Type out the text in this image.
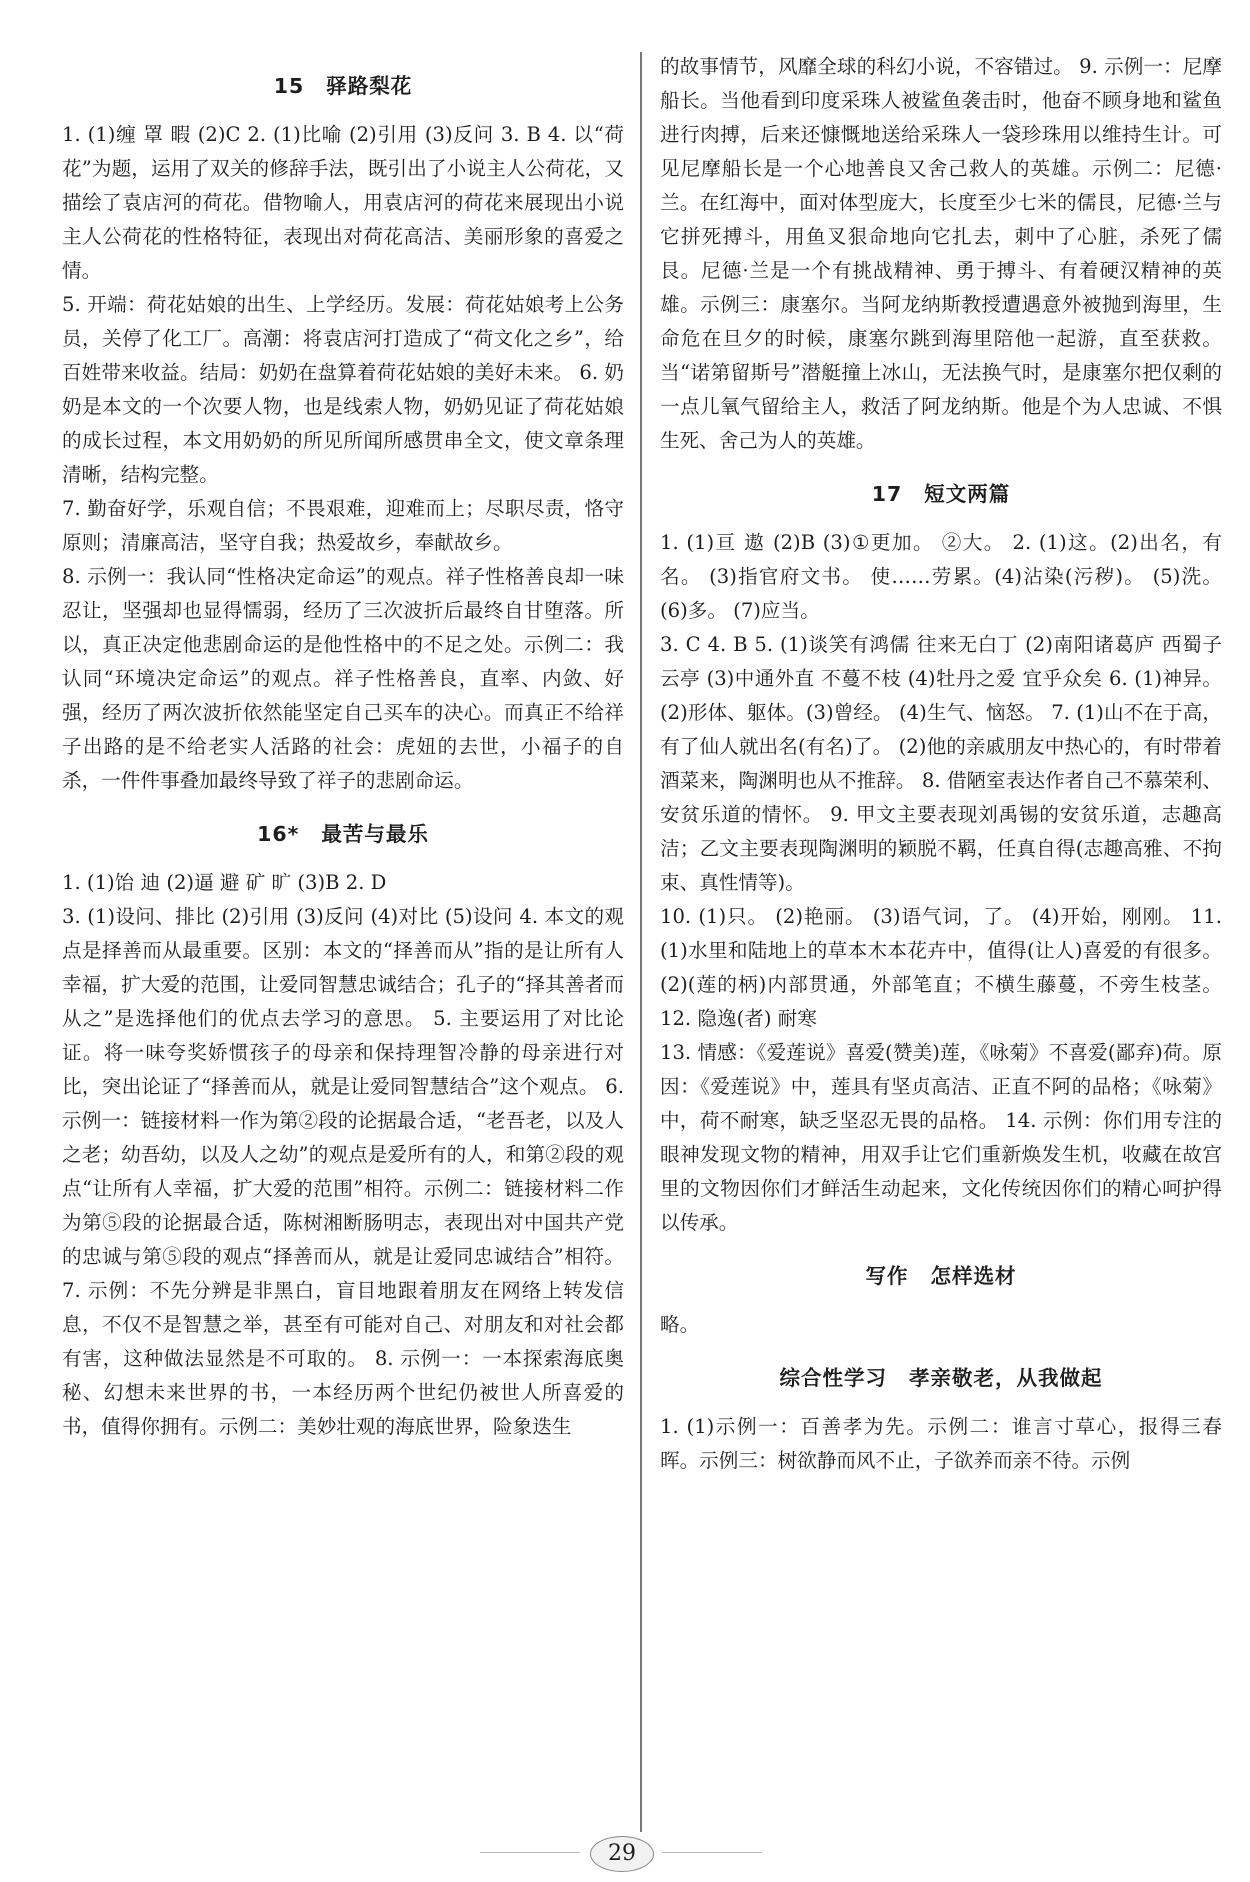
15 驿路梨花
1. (1)缠 罩 暇 (2)C 2. (1)比喻 (2)引用 (3)反问 3. B 4. 以“荷花”为题，运用了双关的修辞手法，既引出了小说主人公荷花，又描绘了袁店河的荷花。借物喻人，用袁店河的荷花来展现出小说主人公荷花的性格特征，表现出对荷花高洁、美丽形象的喜爱之情。
5. 开端：荷花姑娘的出生、上学经历。发展：荷花姑娘考上公务员，关停了化工厂。高潮：将袁店河打造成了“荷文化之乡”，给百姓带来收益。结局：奶奶在盘算着荷花姑娘的美好未来。 6. 奶奶是本文的一个次要人物，也是线索人物，奶奶见证了荷花姑娘的成长过程，本文用奶奶的所见所闻所感贯串全文，使文章条理清晰，结构完整。
7. 勤奋好学，乐观自信；不畏艰难，迎难而上；尽职尽责，恪守原则；清廉高洁，坚守自我；热爱故乡，奉献故乡。
8. 示例一：我认同“性格决定命运”的观点。祥子性格善良却一味忍让，坚强却也显得懦弱，经历了三次波折后最终自甘堕落。所以，真正决定他悲剧命运的是他性格中的不足之处。示例二：我认同“环境决定命运”的观点。祥子性格善良，直率、内敛、好强，经历了两次波折依然能坚定自己买车的决心。而真正不给祥子出路的是不给老实人活路的社会：虎妞的去世，小福子的自杀，一件件事叠加最终导致了祥子的悲剧命运。
16* 最苦与最乐
1. (1)饴 迪 (2)逼 避 矿 旷 (3)B 2. D
3. (1)设问、排比 (2)引用 (3)反问 (4)对比 (5)设问 4. 本文的观点是择善而从最重要。区别：本文的“择善而从”指的是让所有人幸福，扩大爱的范围，让爱同智慧忠诚结合；孔子的“择其善者而从之”是选择他们的优点去学习的意思。 5. 主要运用了对比论证。将一味夸奖娇惯孩子的母亲和保持理智冷静的母亲进行对比，突出论证了“择善而从，就是让爱同智慧结合”这个观点。 6. 示例一：链接材料一作为第②段的论据最合适，“老吾老，以及人之老；幼吾幼，以及人之幼”的观点是爱所有的人，和第②段的观点“让所有人幸福，扩大爱的范围”相符。示例二：链接材料二作为第⑤段的论据最合适，陈树湘断肠明志，表现出对中国共产党的忠诚与第⑤段的观点“择善而从，就是让爱同忠诚结合”相符。 7. 示例：不先分辨是非黑白，盲目地跟着朋友在网络上转发信息，不仅不是智慧之举，甚至有可能对自己、对朋友和对社会都有害，这种做法显然是不可取的。 8. 示例一：一本探索海底奥秘、幻想未来世界的书，一本经历两个世纪仍被世人所喜爱的书，值得你拥有。示例二：美妙壮观的海底世界，险象迭生
的故事情节，风靡全球的科幻小说，不容错过。 9. 示例一：尼摩船长。当他看到印度采珠人被鲨鱼袭击时，他奋不顾身地和鲨鱼进行肉搏，后来还慷慨地送给采珠人一袋珍珠用以维持生计。可见尼摩船长是一个心地善良又舍己救人的英雄。示例二：尼德·兰。在红海中，面对体型庞大，长度至少七米的儒艮，尼德·兰与它拼死搏斗，用鱼叉狠命地向它扎去，刺中了心脏，杀死了儒艮。尼德·兰是一个有挑战精神、勇于搏斗、有着硬汉精神的英雄。示例三：康塞尔。当阿龙纳斯教授遭遇意外被抛到海里，生命危在旦夕的时候，康塞尔跳到海里陪他一起游，直至获救。当“诺第留斯号”潜艇撞上冰山，无法换气时，是康塞尔把仅剩的一点儿氧气留给主人，救活了阿龙纳斯。他是个为人忠诚、不惧生死、舍己为人的英雄。
17 短文两篇
1. (1)亘 遨 (2)B (3)①更加。 ②大。 2. (1)这。(2)出名，有名。 (3)指官府文书。 使……劳累。(4)沾染(污秽)。 (5)洗。 (6)多。 (7)应当。
3. C 4. B 5. (1)谈笑有鸿儒 往来无白丁 (2)南阳诸葛庐 西蜀子云亭 (3)中通外直 不蔓不枝 (4)牡丹之爱 宜乎众矣 6. (1)神异。 (2)形体、躯体。(3)曾经。 (4)生气、恼怒。 7. (1)山不在于高，有了仙人就出名(有名)了。 (2)他的亲戚朋友中热心的，有时带着酒菜来，陶渊明也从不推辞。 8. 借陋室表达作者自己不慕荣利、安贫乐道的情怀。 9. 甲文主要表现刘禹锡的安贫乐道，志趣高洁；乙文主要表现陶渊明的颖脱不羁，任真自得(志趣高雅、不拘束、真性情等)。
10. (1)只。 (2)艳丽。 (3)语气词，了。 (4)开始，刚刚。 11. (1)水里和陆地上的草本木本花卉中，值得(让人)喜爱的有很多。 (2)(莲的柄)内部贯通，外部笔直；不横生藤蔓，不旁生枝茎。 12. 隐逸(者) 耐寒
13. 情感：《爱莲说》喜爱(赞美)莲，《咏菊》不喜爱(鄙弃)荷。原因：《爱莲说》中，莲具有坚贞高洁、正直不阿的品格；《咏菊》中，荷不耐寒，缺乏坚忍无畏的品格。 14. 示例：你们用专注的眼神发现文物的精神，用双手让它们重新焕发生机，收藏在故宫里的文物因你们才鲜活生动起来，文化传统因你们的精心呵护得以传承。
写作 怎样选材
略。
综合性学习 孝亲敬老，从我做起
1. (1)示例一：百善孝为先。示例二：谁言寸草心，报得三春晖。示例三：树欲静而风不止，子欲养而亲不待。示例
29
